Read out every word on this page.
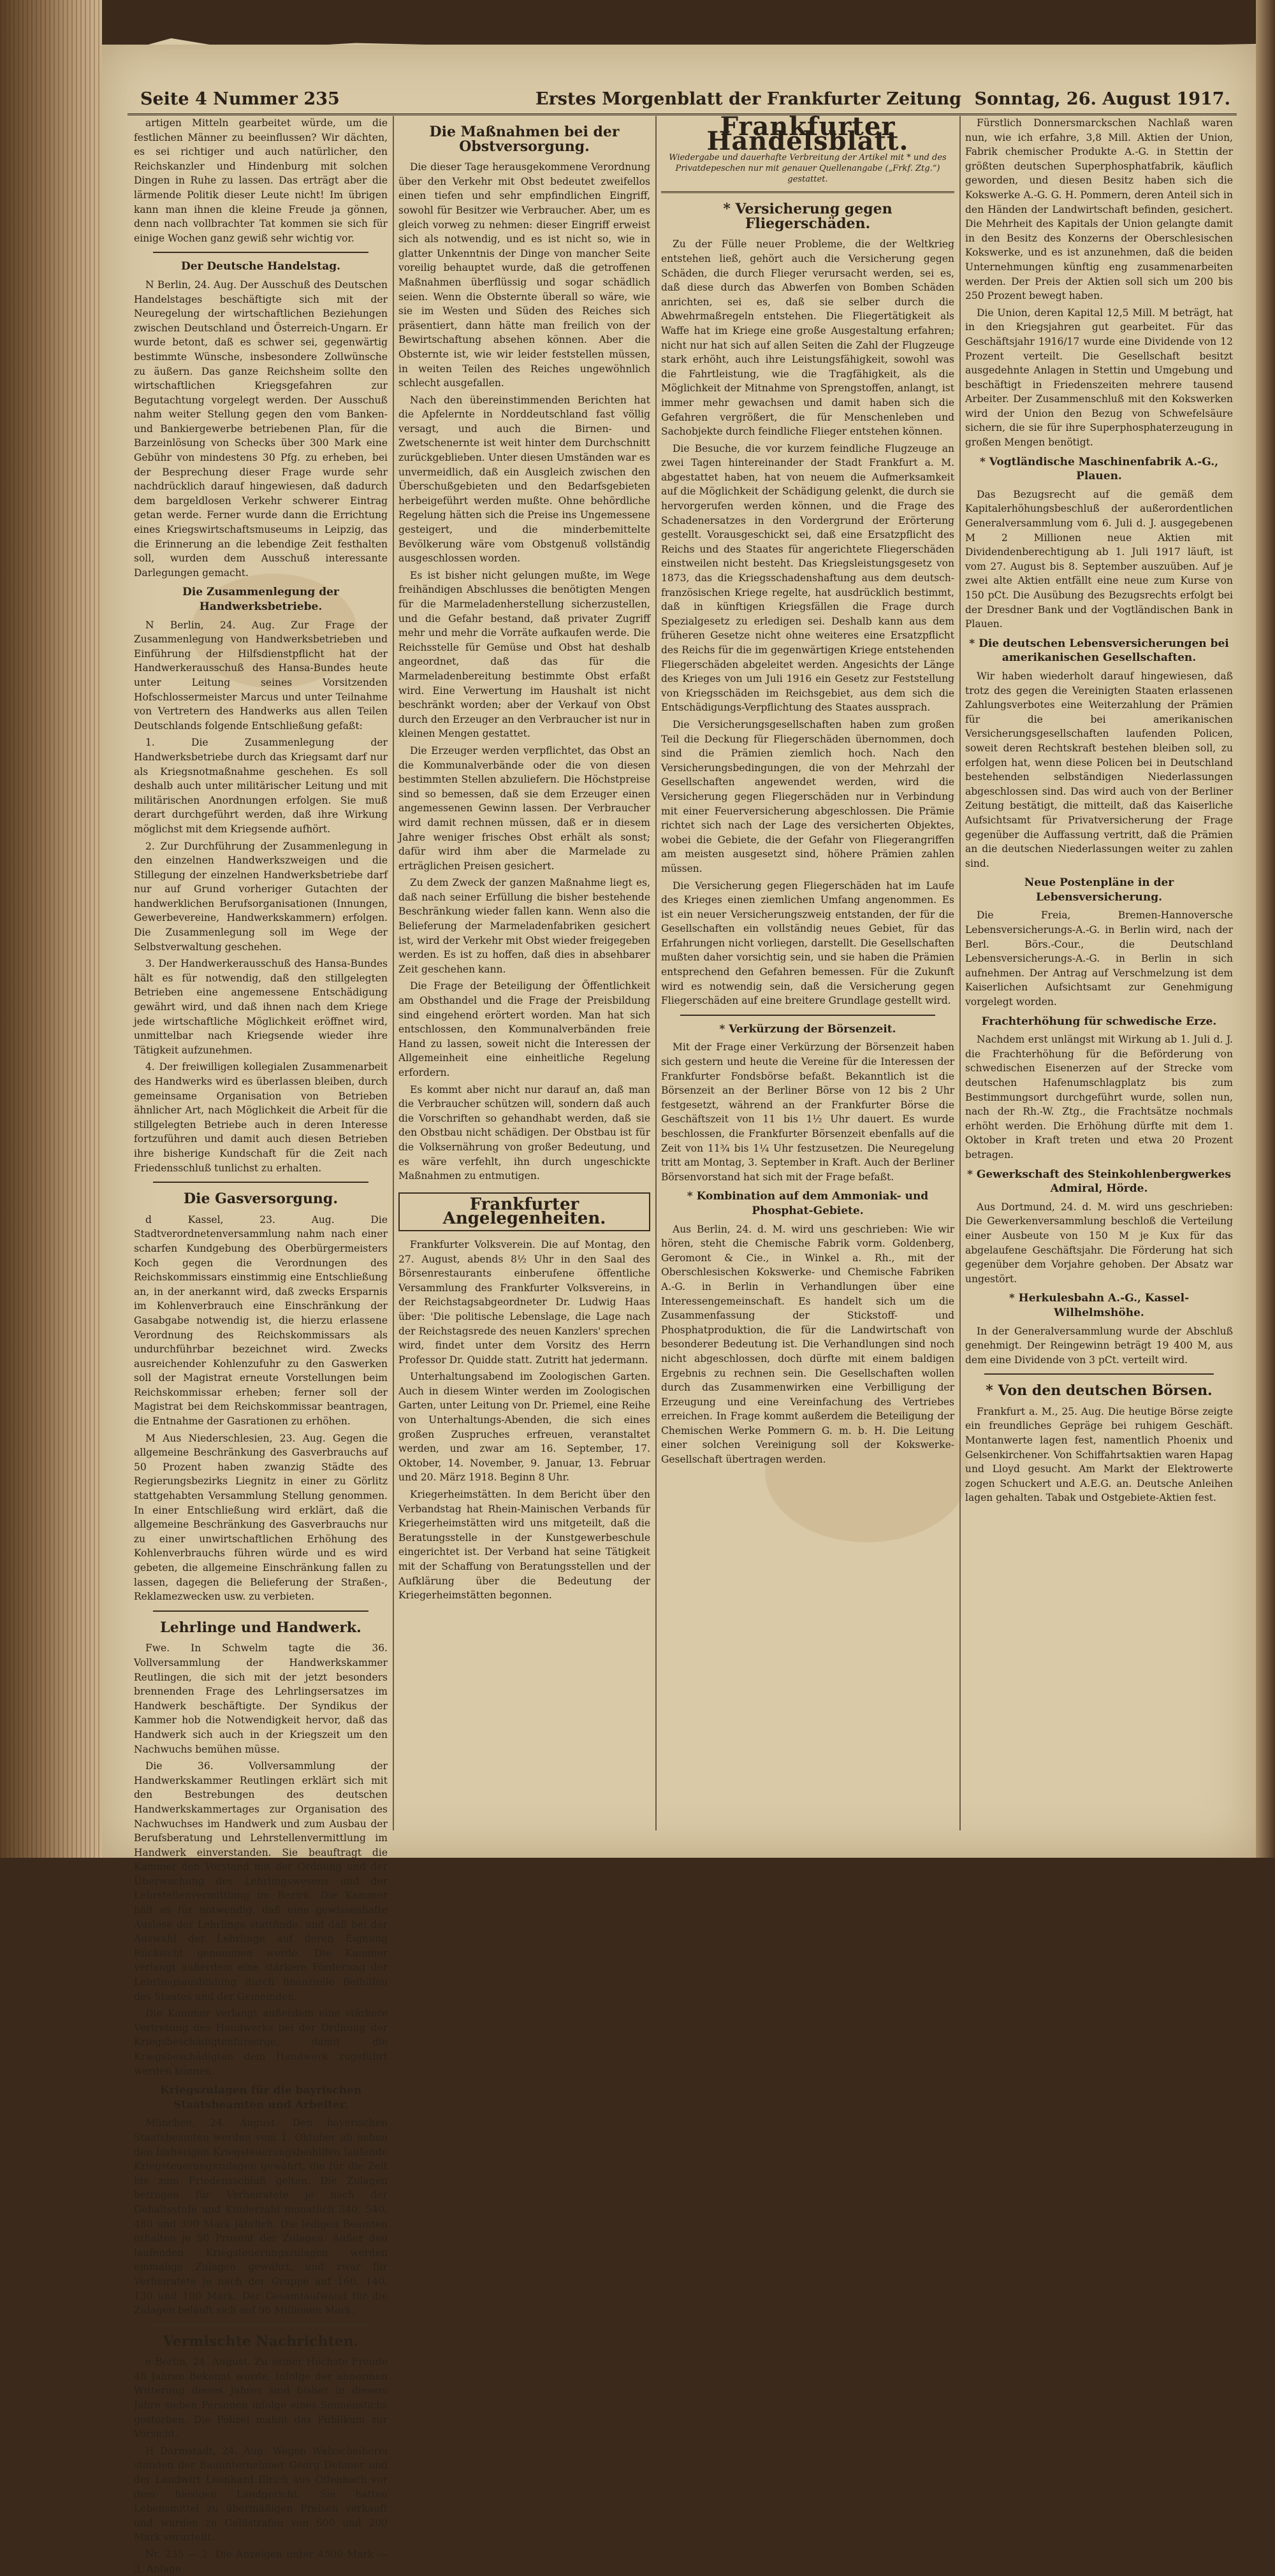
Seite 4 Nummer 235	Erstes Morgenblatt der Frankfurter Zeitung Sonntag, 26. August 1917.

artigen Mitteln gearbeitet würde, um die festlichen Männer zu beeinflussen? Wir dächten, es sei richtiger und auch natürlicher, den Reichskanzler und Hindenburg mit solchen Dingen in Ruhe zu lassen. Das erträgt aber die lärmende Politik dieser Leute nicht! Im übrigen kann man ihnen die kleine Freude ja gönnen, denn nach vollbrachter Tat kommen sie sich für einige Wochen ganz gewiß sehr wichtig vor.

Der Deutsche Handelstag.

N Berlin, 24. Aug. Der Ausschuß des Deutschen Handelstages beschäftigte sich mit der Neuregelung der wirtschaftlichen Beziehungen zwischen Deutschland und Österreich-Ungarn. Er wurde betont, daß es schwer sei, gegenwärtig bestimmte Wünsche, insbesondere Zollwünsche zu äußern. Das ganze Reichsheim sollte den wirtschaftlichen Kriegsgefahren zur Begutachtung vorgelegt werden. Der Ausschuß nahm weiter Stellung gegen den vom Banken- und Bankiergewerbe betriebenen Plan, für die Barzeinlösung von Schecks über 300 Mark eine Gebühr von mindestens 30 Pfg. zu erheben, bei der Besprechung dieser Frage wurde sehr nachdrücklich darauf hingewiesen, daß dadurch dem bargeldlosen Verkehr schwerer Eintrag getan werde. Ferner wurde dann die Errichtung eines Kriegswirtschaftsmuseums in Leipzig, das die Erinnerung an die lebendige Zeit festhalten soll, wurden dem Ausschuß interessante Darlegungen gemacht.

Die Zusammenlegung der Handwerksbetriebe.

N Berlin, 24. Aug. Zur Frage der Zusammenlegung von Handwerksbetrieben und Einführung der Hilfsdienstpflicht hat der Handwerkerausschuß des Hansa-Bundes heute unter Leitung seines Vorsitzenden Hofschlossermeister Marcus und unter Teilnahme von Vertretern des Handwerks aus allen Teilen Deutschlands folgende Entschließung gefaßt:

1. Die Zusammenlegung der Handwerksbetriebe durch das Kriegsamt darf nur als Kriegsnotmaßnahme geschehen. Es soll deshalb auch unter militärischer Leitung und mit militärischen Anordnungen erfolgen. Sie muß derart durchgeführt werden, daß ihre Wirkung möglichst mit dem Kriegsende aufhört.

2. Zur Durchführung der Zusammenlegung in den einzelnen Handwerkszweigen und die Stillegung der einzelnen Handwerksbetriebe darf nur auf Grund vorheriger Gutachten der handwerklichen Berufsorganisationen (Innungen, Gewerbevereine, Handwerkskammern) erfolgen. Die Zusammenlegung soll im Wege der Selbstverwaltung geschehen.

3. Der Handwerkerausschuß des Hansa-Bundes hält es für notwendig, daß den stillgelegten Betrieben eine angemessene Entschädigung gewährt wird, und daß ihnen nach dem Kriege jede wirtschaftliche Möglichkeit eröffnet wird, unmittelbar nach Kriegsende wieder ihre Tätigkeit aufzunehmen.

4. Der freiwilligen kollegialen Zusammenarbeit des Handwerks wird es überlassen bleiben, durch gemeinsame Organisation von Betrieben ähnlicher Art, nach Möglichkeit die Arbeit für die stillgelegten Betriebe auch in deren Interesse fortzuführen und damit auch diesen Betrieben ihre bisherige Kundschaft für die Zeit nach Friedensschluß tunlichst zu erhalten.

Die Gasversorgung.

d Kassel, 23. Aug. Die Stadtverordnetenversammlung nahm nach einer scharfen Kundgebung des Oberbürgermeisters Koch gegen die Verordnungen des Reichskommissars einstimmig eine Entschließung an, in der anerkannt wird, daß zwecks Ersparnis im Kohlenverbrauch eine Einschränkung der Gasabgabe notwendig ist, die hierzu erlassene Verordnung des Reichskommissars als undurchführbar bezeichnet wird. Zwecks ausreichender Kohlenzufuhr zu den Gaswerken soll der Magistrat erneute Vorstellungen beim Reichskommissar erheben; ferner soll der Magistrat bei dem Reichskommissar beantragen, die Entnahme der Gasrationen zu erhöhen.

M Aus Niederschlesien, 23. Aug. Gegen die allgemeine Beschränkung des Gasverbrauchs auf 50 Prozent haben zwanzig Städte des Regierungsbezirks Liegnitz in einer zu Görlitz stattgehabten Versammlung Stellung genommen. In einer Entschließung wird erklärt, daß die allgemeine Beschränkung des Gasverbrauchs nur zu einer unwirtschaftlichen Erhöhung des Kohlenverbrauchs führen würde und es wird gebeten, die allgemeine Einschränkung fallen zu lassen, dagegen die Belieferung der Straßen-, Reklamezwecken usw. zu verbieten.

Lehrlinge und Handwerk.

Fwe. In Schwelm tagte die 36. Vollversammlung der Handwerkskammer Reutlingen, die sich mit der jetzt besonders brennenden Frage des Lehrlingsersatzes im Handwerk beschäftigte. Der Syndikus der Kammer hob die Notwendigkeit hervor, daß das Handwerk sich auch in der Kriegszeit um den Nachwuchs bemühen müsse.

Die 36. Vollversammlung der Handwerkskammer Reutlingen erklärt sich mit den Bestrebungen des deutschen Handwerkskammertages zur Organisation des Nachwuchses im Handwerk und zum Ausbau der Berufsberatung und Lehrstellenvermittlung im Handwerk einverstanden. Sie beauftragt die Kammer den Vorstand mit der Ordnung und der Überwachung des Lehrlingswesens und der Lehrstellenvermittlung im Bezirk. Die Kammer hält es für notwendig, daß eine gewissenhafte Auslese der Lehrlinge stattfinde, und daß bei der Auswahl der Lehrlinge auf deren Eignung Rücksicht genommen werde. Die Kammer verlangt außerdem eine stärkere Förderung der Lehrlingsausbildung durch finanzielle Beihilfen des Staates und der Gemeinden.

Die Kammer verlangt außerdem eine stärkere Vertretung des Handwerks bei der Ordnung der Kriegsbeschädigtenfürsorge, damit die Kriegsbeschädigten dem Handwerk zugeführt werden können.

Kriegszulagen für die bayrischen Staatsbeamten und Arbeiter.

München, 24. August. Den bayerischen Staatsbeamten werden vom 1. Oktober ab neben den bisherigen Kriegsteuerungsbeihilfen laufende Kriegsteuerungszulagen gewährt, die für die Zeit bis zum Friedensschluß gelten. Die Zulagen betragen für Verheiratete je nach der Gehaltsstufe und Kinderzahl monatlich 540, 540, 480 und 390 Mark jährlich. Die ledigen Beamten erhalten je 50 Prozent der Zulagen. Außer den laufenden Kriegsteuerungszulagen werden einmalige Zulagen gewährt, und zwar für Verheiratete je nach der Gruppe auf 160, 140, 130 und 100 Mark. Der Gesamtaufwand für die Zulagen beläuft sich auf 96 Millionen Mark.

Vermischte Nachrichten.

e Berlin, 24. August. Zu seiner Höchste Freude 48 Jahren Bekannt wurde, Infolge der abnormen Witterung dieses Jahres sind bisher in diesem Jahre sieben Personen infolge eines Sonnenstichs gestorben. Die Polizei mahnt das Publikum zur Vorsicht.

H Darmstadt, 24. Aug. Wegen Walzscheiberei standen der Bauunternehmer Georg Dehmer und der Landwirt Leonhard Illrich aus Offenbach vor dem hiesigen Landgericht. Sie hatten Lebensmittel zu übermäßigen Preisen verkauft und wurden zu Geldstrafen von 600 und 200 Mark verurteilt.

Nr. 235 — 2. Die Anzeigen unter 4500 Mark — 3. Anlage

Die Maßnahmen bei der Obstversorgung.

Die dieser Tage herausgekommene Verordnung über den Verkehr mit Obst bedeutet zweifellos einen tiefen und sehr empfindlichen Eingriff, sowohl für Besitzer wie Verbraucher. Aber, um es gleich vorweg zu nehmen: dieser Eingriff erweist sich als notwendig, und es ist nicht so, wie in glatter Unkenntnis der Dinge von mancher Seite voreilig behauptet wurde, daß die getroffenen Maßnahmen überflüssig und sogar schädlich seien. Wenn die Obsternte überall so wäre, wie sie im Westen und Süden des Reiches sich präsentiert, dann hätte man freilich von der Bewirtschaftung absehen können. Aber die Obsternte ist, wie wir leider feststellen müssen, in weiten Teilen des Reiches ungewöhnlich schlecht ausgefallen.

Nach den übereinstimmenden Berichten hat die Apfelernte in Norddeutschland fast völlig versagt, und auch die Birnen- und Zwetschenernte ist weit hinter dem Durchschnitt zurückgeblieben. Unter diesen Umständen war es unvermeidlich, daß ein Ausgleich zwischen den Überschußgebieten und den Bedarfsgebieten herbeigeführt werden mußte. Ohne behördliche Regelung hätten sich die Preise ins Ungemessene gesteigert, und die minderbemittelte Bevölkerung wäre vom Obstgenuß vollständig ausgeschlossen worden.

Es ist bisher nicht gelungen mußte, im Wege freihändigen Abschlusses die benötigten Mengen für die Marmeladenherstellung sicherzustellen, und die Gefahr bestand, daß privater Zugriff mehr und mehr die Vorräte aufkaufen werde. Die Reichsstelle für Gemüse und Obst hat deshalb angeordnet, daß das für die Marmeladenbereitung bestimmte Obst erfaßt wird. Eine Verwertung im Haushalt ist nicht beschränkt worden; aber der Verkauf von Obst durch den Erzeuger an den Verbraucher ist nur in kleinen Mengen gestattet.

Die Erzeuger werden verpflichtet, das Obst an die Kommunalverbände oder die von diesen bestimmten Stellen abzuliefern. Die Höchstpreise sind so bemessen, daß sie dem Erzeuger einen angemessenen Gewinn lassen. Der Verbraucher wird damit rechnen müssen, daß er in diesem Jahre weniger frisches Obst erhält als sonst; dafür wird ihm aber die Marmelade zu erträglichen Preisen gesichert.

Zu dem Zweck der ganzen Maßnahme liegt es, daß nach seiner Erfüllung die bisher bestehende Beschränkung wieder fallen kann. Wenn also die Belieferung der Marmeladenfabriken gesichert ist, wird der Verkehr mit Obst wieder freigegeben werden. Es ist zu hoffen, daß dies in absehbarer Zeit geschehen kann.

Die Frage der Beteiligung der Öffentlichkeit am Obsthandel und die Frage der Preisbildung sind eingehend erörtert worden. Man hat sich entschlossen, den Kommunalverbänden freie Hand zu lassen, soweit nicht die Interessen der Allgemeinheit eine einheitliche Regelung erfordern.

Es kommt aber nicht nur darauf an, daß man die Verbraucher schützen will, sondern daß auch die Vorschriften so gehandhabt werden, daß sie den Obstbau nicht schädigen. Der Obstbau ist für die Volksernährung von großer Bedeutung, und es wäre verfehlt, ihn durch ungeschickte Maßnahmen zu entmutigen.

Frankfurter Angelegenheiten.

Frankfurter Volksverein. Die auf Montag, den 27. August, abends 8½ Uhr in den Saal des Börsenrestaurants einberufene öffentliche Versammlung des Frankfurter Volksvereins, in der Reichstagsabgeordneter Dr. Ludwig Haas über: 'Die politische Lebenslage, die Lage nach der Reichstagsrede des neuen Kanzlers' sprechen wird, findet unter dem Vorsitz des Herrn Professor Dr. Quidde statt. Zutritt hat jedermann.

Unterhaltungsabend im Zoologischen Garten. Auch in diesem Winter werden im Zoologischen Garten, unter Leitung von Dr. Priemel, eine Reihe von Unterhaltungs-Abenden, die sich eines großen Zuspruches erfreuen, veranstaltet werden, und zwar am 16. September, 17. Oktober, 14. November, 9. Januar, 13. Februar und 20. März 1918. Beginn 8 Uhr.

Kriegerheimstätten. In dem Bericht über den Verbandstag hat Rhein-Mainischen Verbands für Kriegerheimstätten wird uns mitgeteilt, daß die Beratungsstelle in der Kunstgewerbeschule eingerichtet ist. Der Verband hat seine Tätigkeit mit der Schaffung von Beratungsstellen und der Aufklärung über die Bedeutung der Kriegerheimstätten begonnen.

Frankfurter Handelsblatt.
Wiedergabe und dauerhafte Verbreitung der Artikel mit * und des Privatdepeschen nur mit genauer Quellenangabe („Frkf. Ztg.“) gestattet.
* Versicherung gegen Fliegerschäden.

Zu der Fülle neuer Probleme, die der Weltkrieg entstehen ließ, gehört auch die Versicherung gegen Schäden, die durch Flieger verursacht werden, sei es, daß diese durch das Abwerfen von Bomben Schäden anrichten, sei es, daß sie selber durch die Abwehrmaßregeln entstehen. Die Fliegertätigkeit als Waffe hat im Kriege eine große Ausgestaltung erfahren; nicht nur hat sich auf allen Seiten die Zahl der Flugzeuge stark erhöht, auch ihre Leistungsfähigkeit, sowohl was die Fahrtleistung, wie die Tragfähigkeit, als die Möglichkeit der Mitnahme von Sprengstoffen, anlangt, ist immer mehr gewachsen und damit haben sich die Gefahren vergrößert, die für Menschenleben und Sachobjekte durch feindliche Flieger entstehen können.

Die Besuche, die vor kurzem feindliche Flugzeuge an zwei Tagen hintereinander der Stadt Frankfurt a. M. abgestattet haben, hat von neuem die Aufmerksamkeit auf die Möglichkeit der Schädigung gelenkt, die durch sie hervorgerufen werden können, und die Frage des Schadenersatzes in den Vordergrund der Erörterung gestellt. Vorausgeschickt sei, daß eine Ersatzpflicht des Reichs und des Staates für angerichtete Fliegerschäden einstweilen nicht besteht. Das Kriegsleistungsgesetz von 1873, das die Kriegsschadenshaftung aus dem deutsch-französischen Kriege regelte, hat ausdrücklich bestimmt, daß in künftigen Kriegsfällen die Frage durch Spezialgesetz zu erledigen sei. Deshalb kann aus dem früheren Gesetze nicht ohne weiteres eine Ersatzpflicht des Reichs für die im gegenwärtigen Kriege entstehenden Fliegerschäden abgeleitet werden. Angesichts der Länge des Krieges von um Juli 1916 ein Gesetz zur Feststellung von Kriegsschäden im Reichsgebiet, aus dem sich die Entschädigungs-Verpflichtung des Staates aussprach.

Die Versicherungsgesellschaften haben zum großen Teil die Deckung für Fliegerschäden übernommen, doch sind die Prämien ziemlich hoch. Nach den Versicherungsbedingungen, die von der Mehrzahl der Gesellschaften angewendet werden, wird die Versicherung gegen Fliegerschäden nur in Verbindung mit einer Feuerversicherung abgeschlossen. Die Prämie richtet sich nach der Lage des versicherten Objektes, wobei die Gebiete, die der Gefahr von Fliegerangriffen am meisten ausgesetzt sind, höhere Prämien zahlen müssen.

Die Versicherung gegen Fliegerschäden hat im Laufe des Krieges einen ziemlichen Umfang angenommen. Es ist ein neuer Versicherungszweig entstanden, der für die Gesellschaften ein vollständig neues Gebiet, für das Erfahrungen nicht vorliegen, darstellt. Die Gesellschaften mußten daher vorsichtig sein, und sie haben die Prämien entsprechend den Gefahren bemessen. Für die Zukunft wird es notwendig sein, daß die Versicherung gegen Fliegerschäden auf eine breitere Grundlage gestellt wird.

* Verkürzung der Börsenzeit.

Mit der Frage einer Verkürzung der Börsenzeit haben sich gestern und heute die Vereine für die Interessen der Frankfurter Fondsbörse befaßt. Bekanntlich ist die Börsenzeit an der Berliner Börse von 12 bis 2 Uhr festgesetzt, während an der Frankfurter Börse die Geschäftszeit von 11 bis 1½ Uhr dauert. Es wurde beschlossen, die Frankfurter Börsenzeit ebenfalls auf die Zeit von 11¾ bis 1¼ Uhr festzusetzen. Die Neuregelung tritt am Montag, 3. September in Kraft. Auch der Berliner Börsenvorstand hat sich mit der Frage befaßt.

* Kombination auf dem Ammoniak- und Phosphat-Gebiete.

Aus Berlin, 24. d. M. wird uns geschrieben: Wie wir hören, steht die Chemische Fabrik vorm. Goldenberg, Geromont & Cie., in Winkel a. Rh., mit der Oberschlesischen Kokswerke- und Chemische Fabriken A.-G. in Berlin in Verhandlungen über eine Interessengemeinschaft. Es handelt sich um die Zusammenfassung der Stickstoff- und Phosphatproduktion, die für die Landwirtschaft von besonderer Bedeutung ist. Die Verhandlungen sind noch nicht abgeschlossen, doch dürfte mit einem baldigen Ergebnis zu rechnen sein. Die Gesellschaften wollen durch das Zusammenwirken eine Verbilligung der Erzeugung und eine Vereinfachung des Vertriebes erreichen. In Frage kommt außerdem die Beteiligung der Chemischen Werke Pommern G. m. b. H. Die Leitung einer solchen Vereinigung soll der Kokswerke-Gesellschaft übertragen werden.

Fürstlich Donnersmarckschen Nachlaß waren nun, wie ich erfahre, 3,8 Mill. Aktien der Union, Fabrik chemischer Produkte A.-G. in Stettin der größten deutschen Superphosphatfabrik, käuflich geworden, und diesen Besitz haben sich die Kokswerke A.-G. G. H. Pommern, deren Anteil sich in den Händen der Landwirtschaft befinden, gesichert. Die Mehrheit des Kapitals der Union gelangte damit in den Besitz des Konzerns der Oberschlesischen Kokswerke, und es ist anzunehmen, daß die beiden Unternehmungen künftig eng zusammenarbeiten werden. Der Preis der Aktien soll sich um 200 bis 250 Prozent bewegt haben.

Die Union, deren Kapital 12,5 Mill. M beträgt, hat in den Kriegsjahren gut gearbeitet. Für das Geschäftsjahr 1916/17 wurde eine Dividende von 12 Prozent verteilt. Die Gesellschaft besitzt ausgedehnte Anlagen in Stettin und Umgebung und beschäftigt in Friedenszeiten mehrere tausend Arbeiter. Der Zusammenschluß mit den Kokswerken wird der Union den Bezug von Schwefelsäure sichern, die sie für ihre Superphosphaterzeugung in großen Mengen benötigt.

* Vogtländische Maschinenfabrik A.-G., Plauen.

Das Bezugsrecht auf die gemäß dem Kapitalerhöhungsbeschluß der außerordentlichen Generalversammlung vom 6. Juli d. J. ausgegebenen M 2 Millionen neue Aktien mit Dividendenberechtigung ab 1. Juli 1917 läuft, ist vom 27. August bis 8. September auszuüben. Auf je zwei alte Aktien entfällt eine neue zum Kurse von 150 pCt. Die Ausübung des Bezugsrechts erfolgt bei der Dresdner Bank und der Vogtländischen Bank in Plauen.

* Die deutschen Lebensversicherungen bei amerikanischen Gesellschaften.

Wir haben wiederholt darauf hingewiesen, daß trotz des gegen die Vereinigten Staaten erlassenen Zahlungsverbotes eine Weiterzahlung der Prämien für die bei amerikanischen Versicherungsgesellschaften laufenden Policen, soweit deren Rechtskraft bestehen bleiben soll, zu erfolgen hat, wenn diese Policen bei in Deutschland bestehenden selbständigen Niederlassungen abgeschlossen sind. Das wird auch von der Berliner Zeitung bestätigt, die mitteilt, daß das Kaiserliche Aufsichtsamt für Privatversicherung der Frage gegenüber die Auffassung vertritt, daß die Prämien an die deutschen Niederlassungen weiter zu zahlen sind.

Neue Postenpläne in der Lebensversicherung.

Die Freia, Bremen-Hannoversche Lebensversicherungs-A.-G. in Berlin wird, nach der Berl. Börs.-Cour., die Deutschland Lebensversicherungs-A.-G. in Berlin in sich aufnehmen. Der Antrag auf Verschmelzung ist dem Kaiserlichen Aufsichtsamt zur Genehmigung vorgelegt worden.

Frachterhöhung für schwedische Erze.

Nachdem erst unlängst mit Wirkung ab 1. Juli d. J. die Frachterhöhung für die Beförderung von schwedischen Eisenerzen auf der Strecke vom deutschen Hafenumschlagplatz bis zum Bestimmungsort durchgeführt wurde, sollen nun, nach der Rh.-W. Ztg., die Frachtsätze nochmals erhöht werden. Die Erhöhung dürfte mit dem 1. Oktober in Kraft treten und etwa 20 Prozent betragen.

* Gewerkschaft des Steinkohlenbergwerkes Admiral, Hörde.

Aus Dortmund, 24. d. M. wird uns geschrieben: Die Gewerkenversammlung beschloß die Verteilung einer Ausbeute von 150 M je Kux für das abgelaufene Geschäftsjahr. Die Förderung hat sich gegenüber dem Vorjahre gehoben. Der Absatz war ungestört.

* Herkulesbahn A.-G., Kassel-Wilhelmshöhe.

In der Generalversammlung wurde der Abschluß genehmigt. Der Reingewinn beträgt 19 400 M, aus dem eine Dividende von 3 pCt. verteilt wird.

* Von den deutschen Börsen.

Frankfurt a. M., 25. Aug. Die heutige Börse zeigte ein freundliches Gepräge bei ruhigem Geschäft. Montanwerte lagen fest, namentlich Phoenix und Gelsenkirchener. Von Schiffahrtsaktien waren Hapag und Lloyd gesucht. Am Markt der Elektrowerte zogen Schuckert und A.E.G. an. Deutsche Anleihen lagen gehalten. Tabak und Ostgebiete-Aktien fest.
